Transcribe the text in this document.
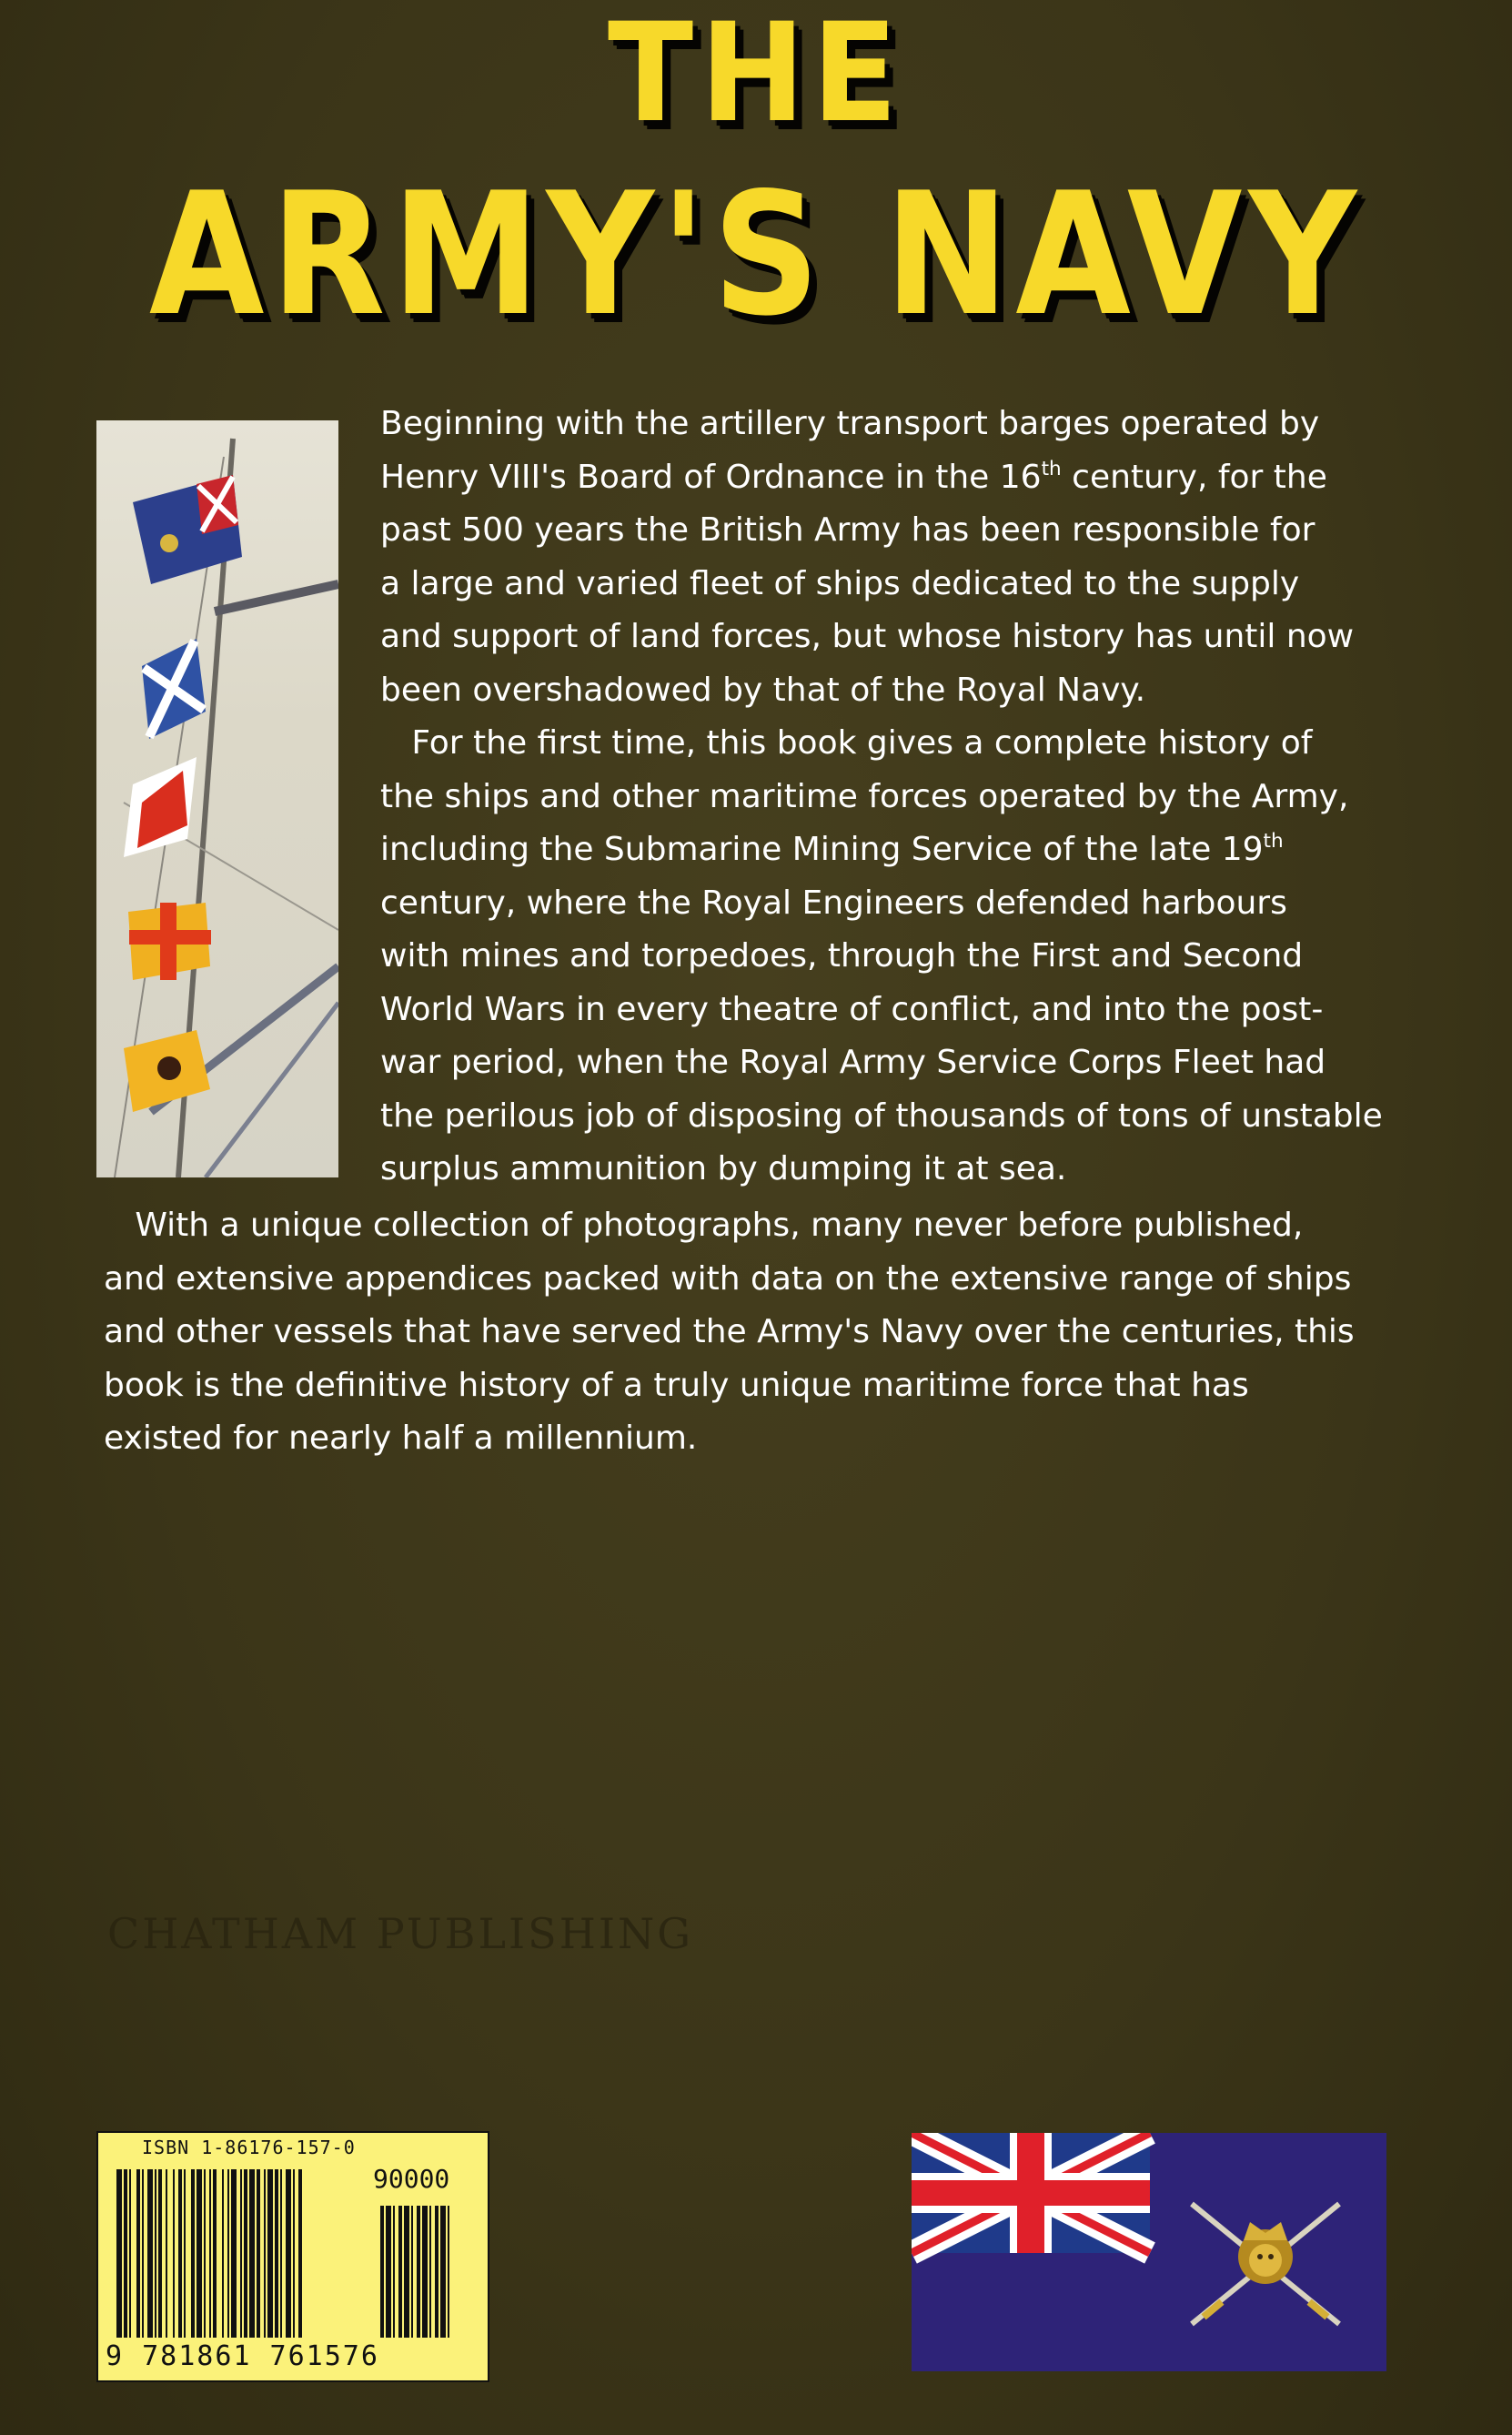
THE
ARMY'S NAVY

Beginning with the artillery transport barges operated by
Henry VIII's Board of Ordnance in the 16th century, for the
past 500 years the British Army has been responsible for
a large and varied fleet of ships dedicated to the supply
and support of land forces, but whose history has until now
been overshadowed by that of the Royal Navy.

For the first time, this book gives a complete history of
the ships and other maritime forces operated by the Army,
including the Submarine Mining Service of the late 19th
century, where the Royal Engineers defended harbours
with mines and torpedoes, through the First and Second
World Wars in every theatre of conflict, and into the post-
war period, when the Royal Army Service Corps Fleet had
the perilous job of disposing of thousands of tons of unstable
surplus ammunition by dumping it at sea.

With a unique collection of photographs, many never before published,
and extensive appendices packed with data on the extensive range of ships
and other vessels that have served the Army's Navy over the centuries, this
book is the definitive history of a truly unique maritime force that has
existed for nearly half a millennium.

CHATHAM PUBLISHING
ISBN 1-86176-157-0
90000
9 781861 761576
